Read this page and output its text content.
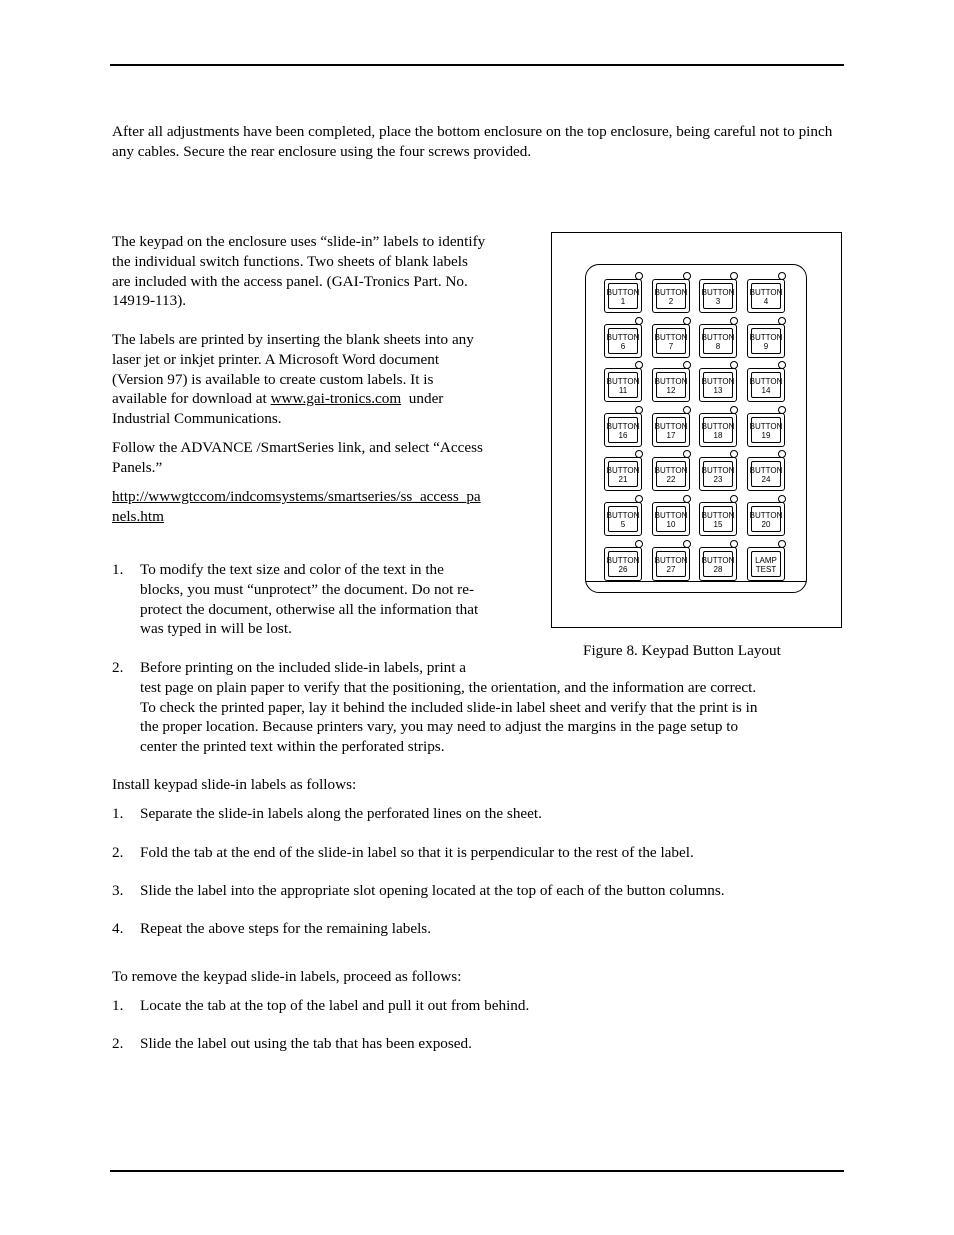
After all adjustments have been completed, place the bottom enclosure on the top enclosure, being careful not to pinch any cables. Secure the rear enclosure using the four screws provided.

The keypad on the enclosure uses “slide-in” labels to identify
the individual switch functions. Two sheets of blank labels
are included with the access panel. (GAI-Tronics Part. No.
14919-113).
The labels are printed by inserting the blank sheets into any
laser jet or inkjet printer. A Microsoft Word document
(Version 97) is available to create custom labels. It is
available for download at www.gai-tronics.com  under
Industrial Communications.
Follow the ADVANCE /SmartSeries link, and select “Access
Panels.”
http://wwwgtccom/indcomsystems/smartseries/ss_access_pa
nels.htm
1. To modify the text size and color of the text in the
blocks, you must “unprotect” the document. Do not re-
protect the document, otherwise all the information that
was typed in will be lost.
2. Before printing on the included slide-in labels, print a
test page on plain paper to verify that the positioning, the orientation, and the information are correct.
To check the printed paper, lay it behind the included slide-in label sheet and verify that the print is in
the proper location. Because printers vary, you may need to adjust the margins in the page setup to
center the printed text within the perforated strips.
BUTTON
1
BUTTON
2
BUTTON
3
BUTTON
4
BUTTON
6
BUTTON
7
BUTTON
8
BUTTON
9
BUTTON
11
BUTTON
12
BUTTON
13
BUTTON
14
BUTTON
16
BUTTON
17
BUTTON
18
BUTTON
19
BUTTON
21
BUTTON
22
BUTTON
23
BUTTON
24
BUTTON
5
BUTTON
10
BUTTON
15
BUTTON
20
BUTTON
26
BUTTON
27
BUTTON
28
LAMP
TEST
Figure 8. Keypad Button Layout
Install keypad slide-in labels as follows:
1. Separate the slide-in labels along the perforated lines on the sheet.
2. Fold the tab at the end of the slide-in label so that it is perpendicular to the rest of the label.
3. Slide the label into the appropriate slot opening located at the top of each of the button columns.
4. Repeat the above steps for the remaining labels.
To remove the keypad slide-in labels, proceed as follows:
1. Locate the tab at the top of the label and pull it out from behind.
2. Slide the label out using the tab that has been exposed.
